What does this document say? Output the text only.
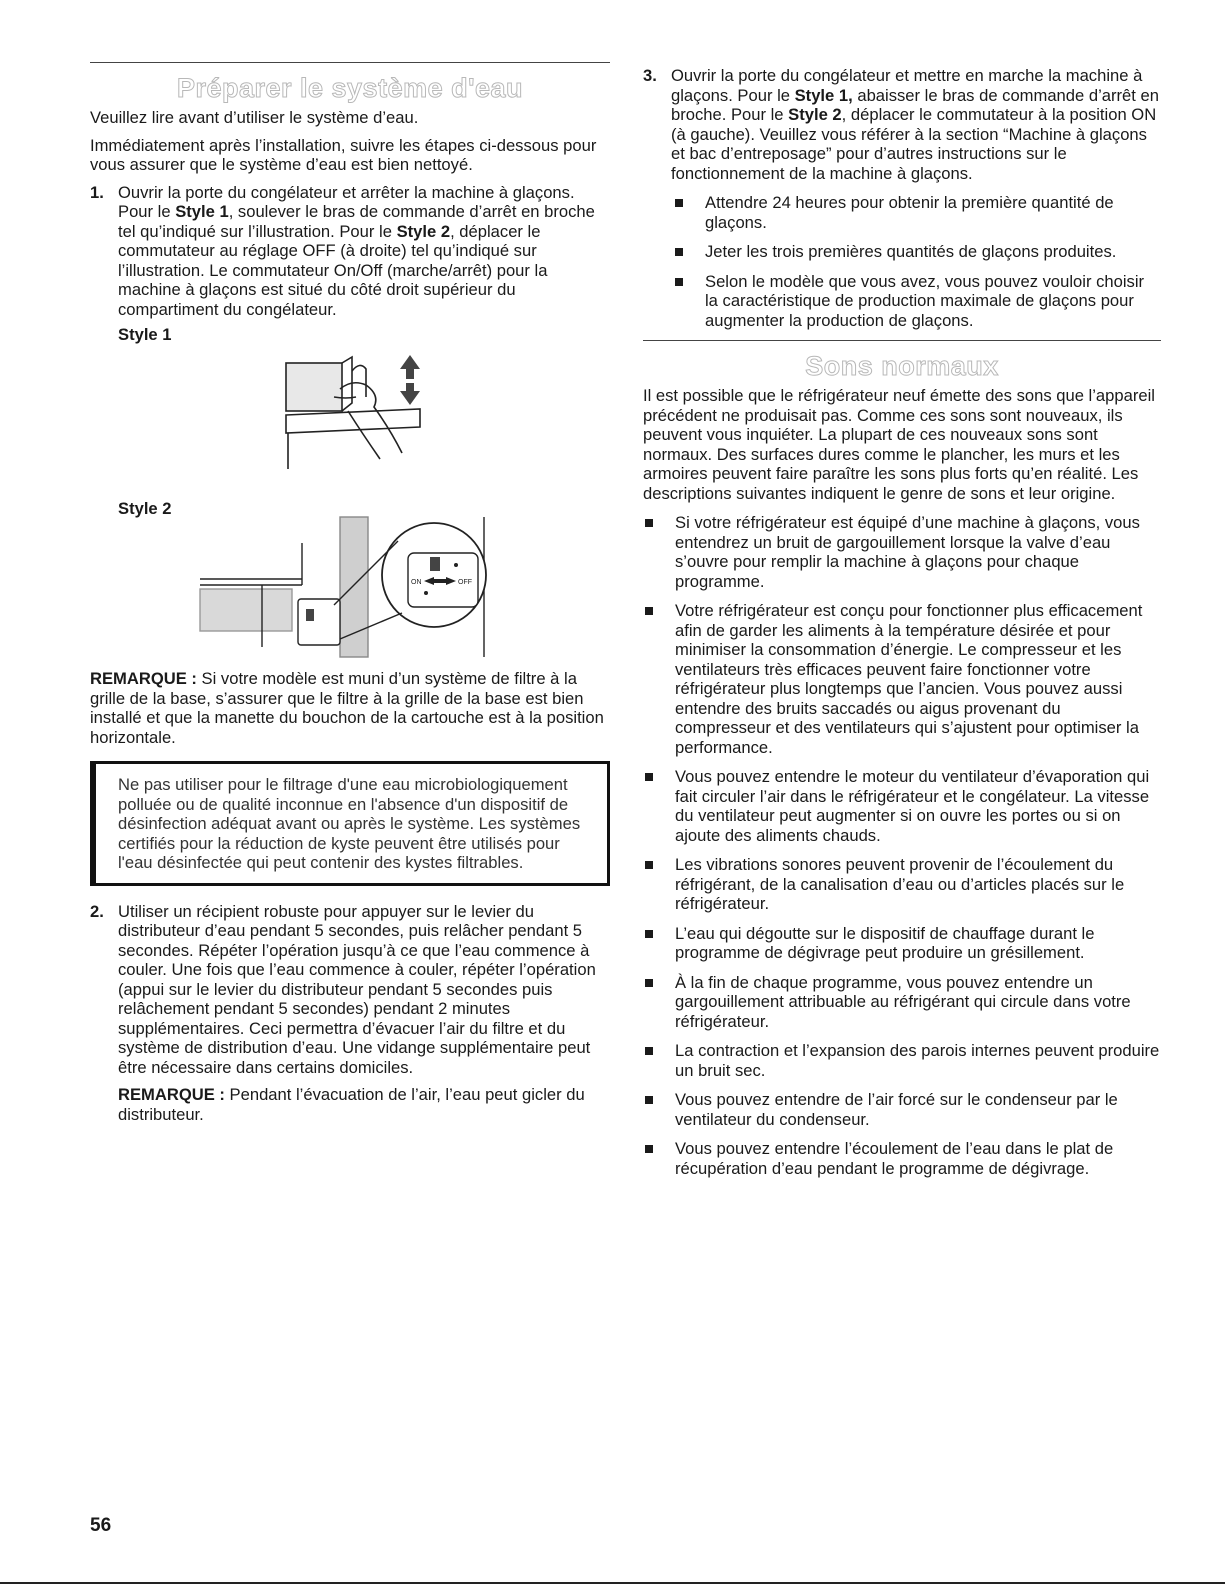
Préparer le système d'eau

Veuillez lire avant d’utiliser le système d’eau.

Immédiatement après l’installation, suivre les étapes ci-dessous pour vous assurer que le système d’eau est bien nettoyé.

1. Ouvrir la porte du congélateur et arrêter la machine à glaçons. Pour le Style 1, soulever le bras de commande d’arrêt en broche tel qu’indiqué sur l’illustration. Pour le Style 2, déplacer le commutateur au réglage OFF (à droite) tel qu’indiqué sur l’illustration. Le commutateur On/Off (marche/arrêt) pour la machine à glaçons est situé du côté droit supérieur du compartiment du congélateur.
Style 1
Style 2
ON	OFF

REMARQUE : Si votre modèle est muni d’un système de filtre à la grille de la base, s’assurer que le filtre à la grille de la base est bien installé et que la manette du bouchon de la cartouche est à la position horizontale.

Ne pas utiliser pour le filtrage d'une eau microbiologiquement polluée ou de qualité inconnue en l'absence d'un dispositif de désinfection adéquat avant ou après le système. Les systèmes certifiés pour la réduction de kyste peuvent être utilisés pour l'eau désinfectée qui peut contenir des kystes filtrables.
2. Utiliser un récipient robuste pour appuyer sur le levier du distributeur d’eau pendant 5 secondes, puis relâcher pendant 5 secondes. Répéter l’opération jusqu’à ce que l’eau commence à couler. Une fois que l’eau commence à couler, répéter l’opération (appui sur le levier du distributeur pendant 5 secondes puis relâchement pendant 5 secondes) pendant 2 minutes supplémentaires. Ceci permettra d’évacuer l’air du filtre et du système de distribution d’eau. Une vidange supplémentaire peut être nécessaire dans certains domiciles.
REMARQUE : Pendant l’évacuation de l’air, l’eau peut gicler du distributeur.
3. Ouvrir la porte du congélateur et mettre en marche la machine à glaçons. Pour le Style 1, abaisser le bras de commande d’arrêt en broche. Pour le Style 2, déplacer le commutateur à la position ON (à gauche). Veuillez vous référer à la section “Machine à glaçons et bac d’entreposage” pour d’autres instructions sur le fonctionnement de la machine à glaçons.
Attendre 24 heures pour obtenir la première quantité de glaçons.
Jeter les trois premières quantités de glaçons produites.
Selon le modèle que vous avez, vous pouvez vouloir choisir la caractéristique de production maximale de glaçons pour augmenter la production de glaçons.
Sons normaux

Il est possible que le réfrigérateur neuf émette des sons que l’appareil précédent ne produisait pas. Comme ces sons sont nouveaux, ils peuvent vous inquiéter. La plupart de ces nouveaux sons sont normaux. Des surfaces dures comme le plancher, les murs et les armoires peuvent faire paraître les sons plus forts qu’en réalité. Les descriptions suivantes indiquent le genre de sons et leur origine.

Si votre réfrigérateur est équipé d’une machine à glaçons, vous entendrez un bruit de gargouillement lorsque la valve d’eau s’ouvre pour remplir la machine à glaçons pour chaque programme.
Votre réfrigérateur est conçu pour fonctionner plus efficacement afin de garder les aliments à la température désirée et pour minimiser la consommation d’énergie. Le compresseur et les ventilateurs très efficaces peuvent faire fonctionner votre réfrigérateur plus longtemps que l’ancien. Vous pouvez aussi entendre des bruits saccadés ou aigus provenant du compresseur et des ventilateurs qui s’ajustent pour optimiser la performance.
Vous pouvez entendre le moteur du ventilateur d’évaporation qui fait circuler l’air dans le réfrigérateur et le congélateur. La vitesse du ventilateur peut augmenter si on ouvre les portes ou si on ajoute des aliments chauds.
Les vibrations sonores peuvent provenir de l’écoulement du réfrigérant, de la canalisation d’eau ou d’articles placés sur le réfrigérateur.
L’eau qui dégoutte sur le dispositif de chauffage durant le programme de dégivrage peut produire un grésillement.
À la fin de chaque programme, vous pouvez entendre un gargouillement attribuable au réfrigérant qui circule dans votre réfrigérateur.
La contraction et l’expansion des parois internes peuvent produire un bruit sec.
Vous pouvez entendre de l’air forcé sur le condenseur par le ventilateur du condenseur.
Vous pouvez entendre l’écoulement de l’eau dans le plat de récupération d’eau pendant le programme de dégivrage.
56
